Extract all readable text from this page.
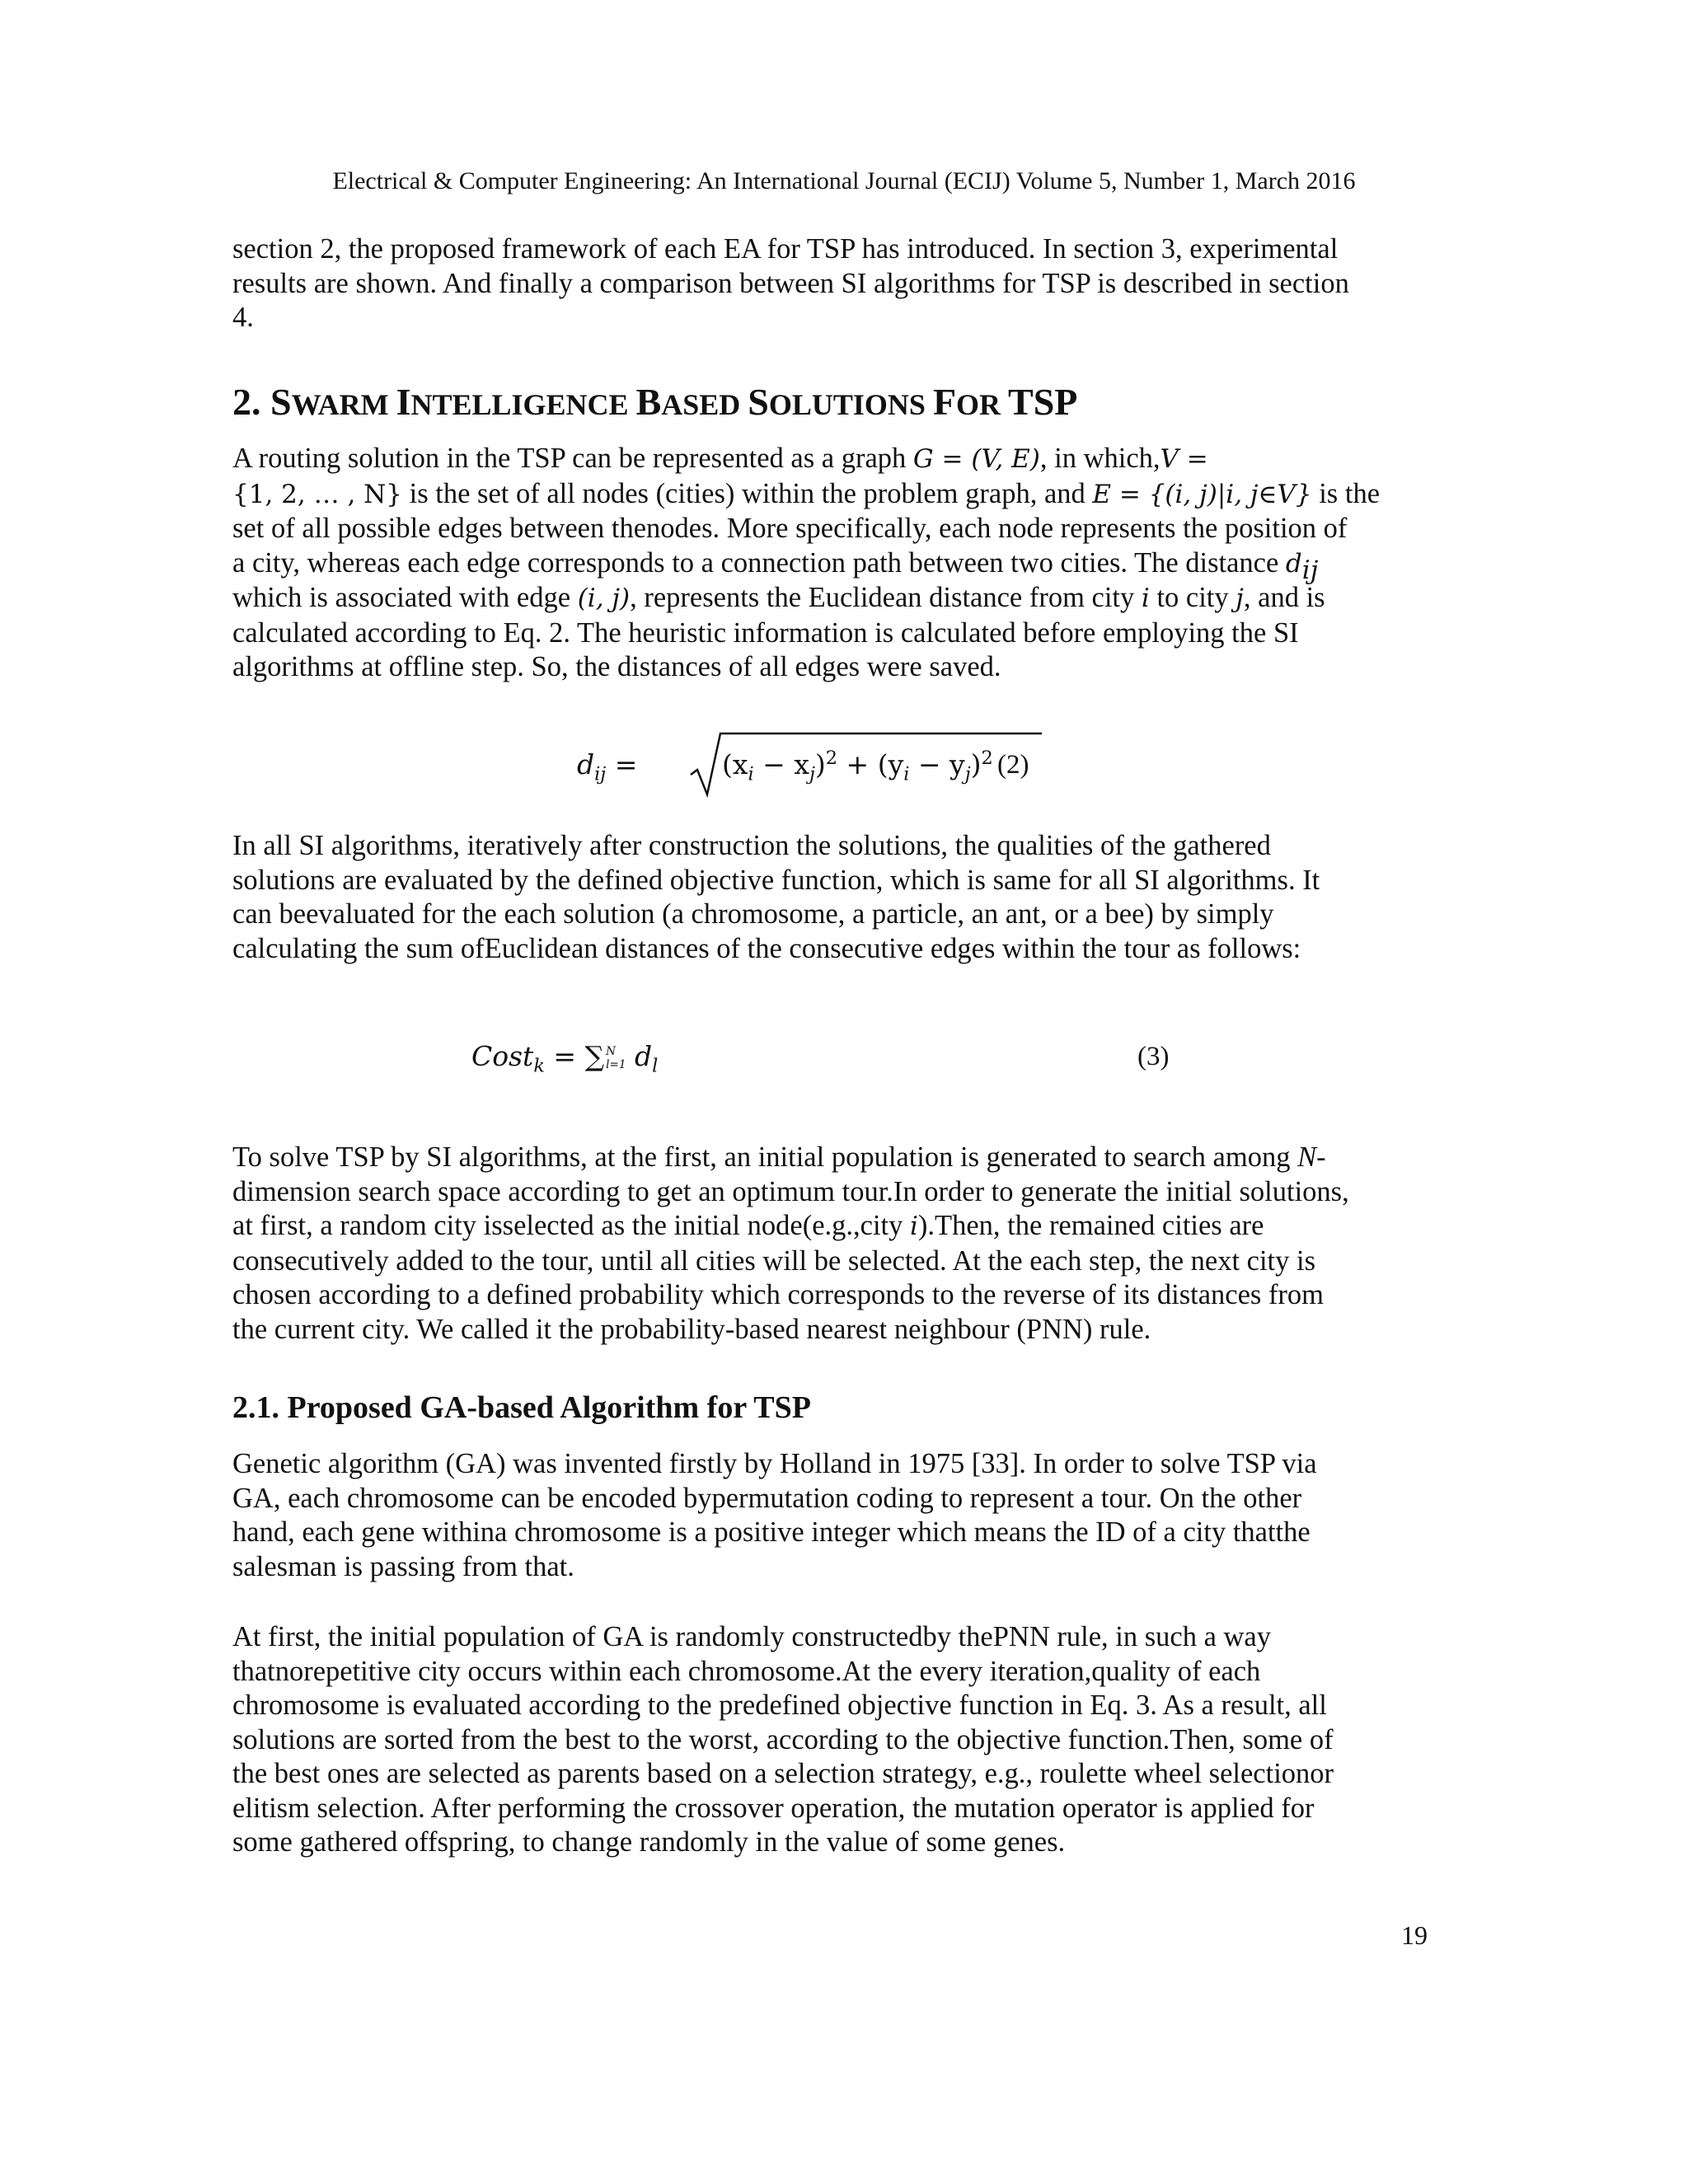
Electrical & Computer Engineering: An International Journal (ECIJ) Volume 5, Number 1, March 2016

section 2, the proposed framework of each EA for TSP has introduced. In section 3, experimental

results are shown. And finally a comparison between SI algorithms for TSP is described in section

4.

2. SWARM INTELLIGENCE BASED SOLUTIONS FOR TSP

A routing solution in the TSP can be represented as a graph G = (V, E), in which,V =

{1, 2, … , N} is the set of all nodes (cities) within the problem graph, and E = {(i, j)|i, j∈V} is the

set of all possible edges between thenodes. More specifically, each node represents the position of

a city, whereas each edge corresponds to a connection path between two cities. The distance $d_{ij}$

which is associated with edge (i, j), represents the Euclidean distance from city i to city j, and is

calculated according to Eq. 2. The heuristic information is calculated before employing the SI

algorithms at offline step. So, the distances of all edges were saved.

$d_{ij}$ =	$(x_i - x_j)^2 + (y_i - y_j)^2$ (2)

In all SI algorithms, iteratively after construction the solutions, the qualities of the gathered

solutions are evaluated by the defined objective function, which is same for all SI algorithms. It

can beevaluated for the each solution (a chromosome, a particle, an ant, or a bee) by simply

calculating the sum ofEuclidean distances of the consecutive edges within the tour as follows:

Cost$_k$ = ∑ N
l=1 $d_l$	(3)

To solve TSP by SI algorithms, at the first, an initial population is generated to search among N-

dimension search space according to get an optimum tour.In order to generate the initial solutions,

at first, a random city isselected as the initial node(e.g.,city i).Then, the remained cities are

consecutively added to the tour, until all cities will be selected. At the each step, the next city is

chosen according to a defined probability which corresponds to the reverse of its distances from

the current city. We called it the probability-based nearest neighbour (PNN) rule.

2.1. Proposed GA-based Algorithm for TSP

Genetic algorithm (GA) was invented firstly by Holland in 1975 [33]. In order to solve TSP via

GA, each chromosome can be encoded bypermutation coding to represent a tour. On the other

hand, each gene withina chromosome is a positive integer which means the ID of a city thatthe

salesman is passing from that.

At first, the initial population of GA is randomly constructedby thePNN rule, in such a way

thatnorepetitive city occurs within each chromosome.At the every iteration,quality of each

chromosome is evaluated according to the predefined objective function in Eq. 3. As a result, all

solutions are sorted from the best to the worst, according to the objective function.Then, some of

the best ones are selected as parents based on a selection strategy, e.g., roulette wheel selectionor

elitism selection. After performing the crossover operation, the mutation operator is applied for

some gathered offspring, to change randomly in the value of some genes.

19
